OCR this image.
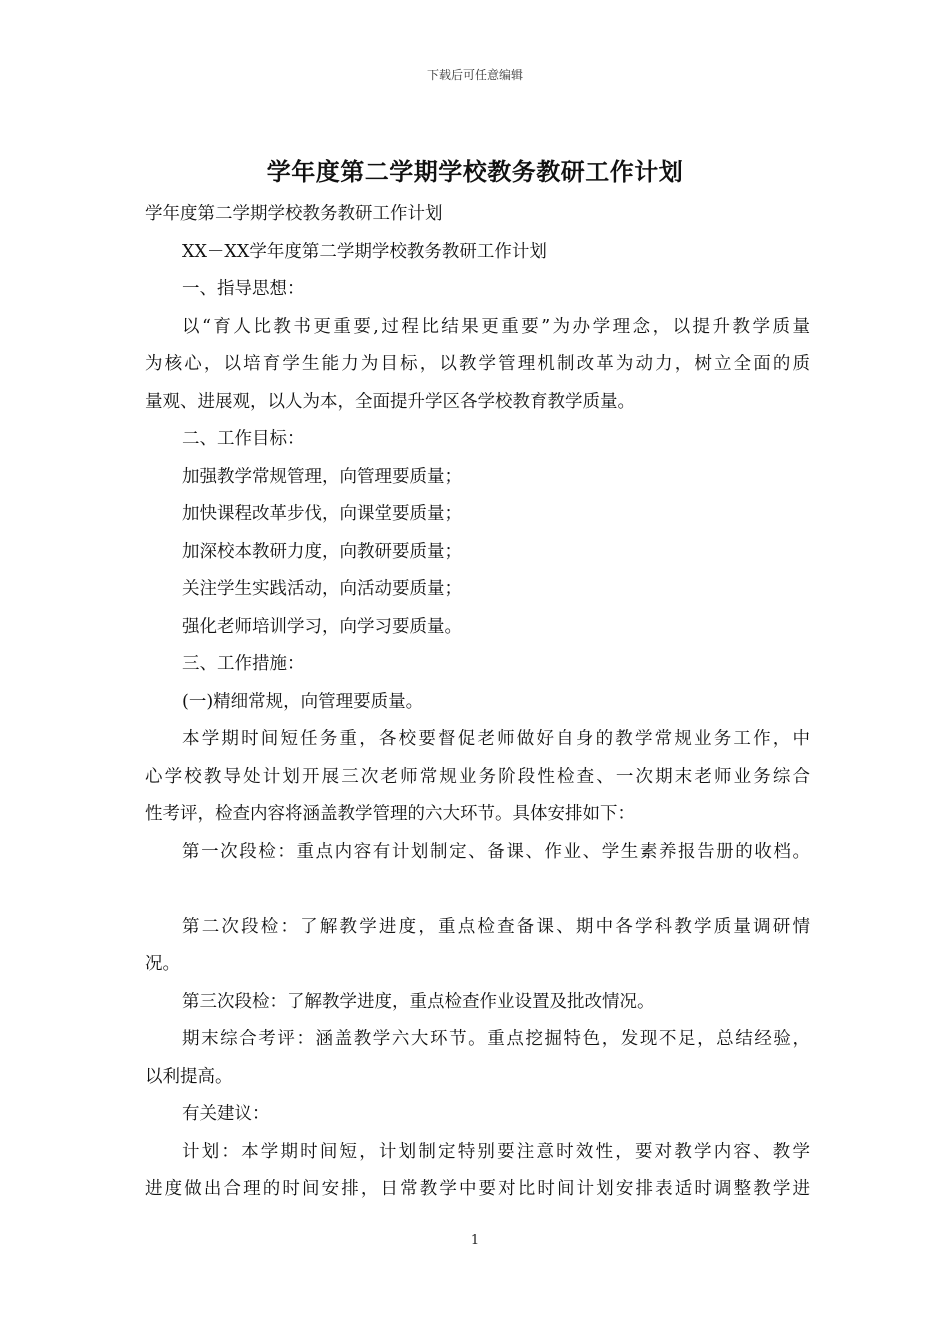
下载后可任意编辑
学年度第二学期学校教务教研工作计划
学年度第二学期学校教务教研工作计划
XX－XX学年度第二学期学校教务教研工作计划
一、指导思想：
以“育人比教书更重要,过程比结果更重要”为办学理念，以提升教学质量
为核心，以培育学生能力为目标，以教学管理机制改革为动力，树立全面的质
量观、进展观，以人为本，全面提升学区各学校教育教学质量。
二、工作目标：
加强教学常规管理，向管理要质量；
加快课程改革步伐，向课堂要质量；
加深校本教研力度，向教研要质量；
关注学生实践活动，向活动要质量；
强化老师培训学习，向学习要质量。
三、工作措施：
(一)精细常规，向管理要质量。
本学期时间短任务重，各校要督促老师做好自身的教学常规业务工作，中
心学校教导处计划开展三次老师常规业务阶段性检查、一次期末老师业务综合
性考评，检查内容将涵盖教学管理的六大环节。具体安排如下：
第一次段检：重点内容有计划制定、备课、作业、学生素养报告册的收档。
第二次段检：了解教学进度，重点检查备课、期中各学科教学质量调研情
况。
第三次段检：了解教学进度，重点检查作业设置及批改情况。
期末综合考评：涵盖教学六大环节。重点挖掘特色，发现不足，总结经验，
以利提高。
有关建议：
计划：本学期时间短，计划制定特别要注意时效性，要对教学内容、教学
进度做出合理的时间安排，日常教学中要对比时间计划安排表适时调整教学进
1
